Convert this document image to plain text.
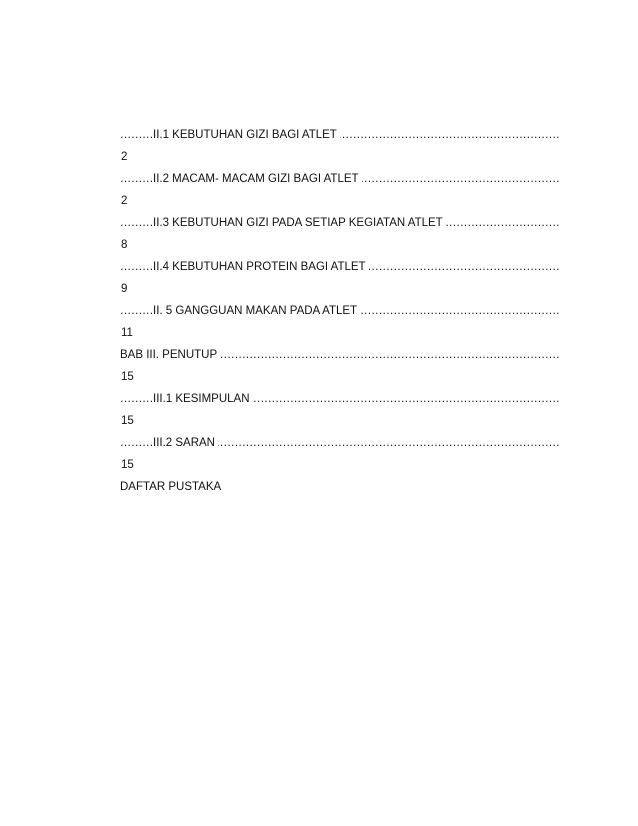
II.1 KEBUTUHAN GIZI BAGI ATLET .....
2
II.2 MACAM- MACAM GIZI BAGI ATLET .....
2
II.3 KEBUTUHAN GIZI PADA SETIAP KEGIATAN ATLET .....
8
II.4 KEBUTUHAN PROTEIN BAGI ATLET .....
9
II. 5 GANGGUAN MAKAN PADA ATLET .....
11
BAB III. PENUTUP .....
15
III.1 KESIMPULAN .....
15
III.2 SARAN .....
15
DAFTAR PUSTAKA
